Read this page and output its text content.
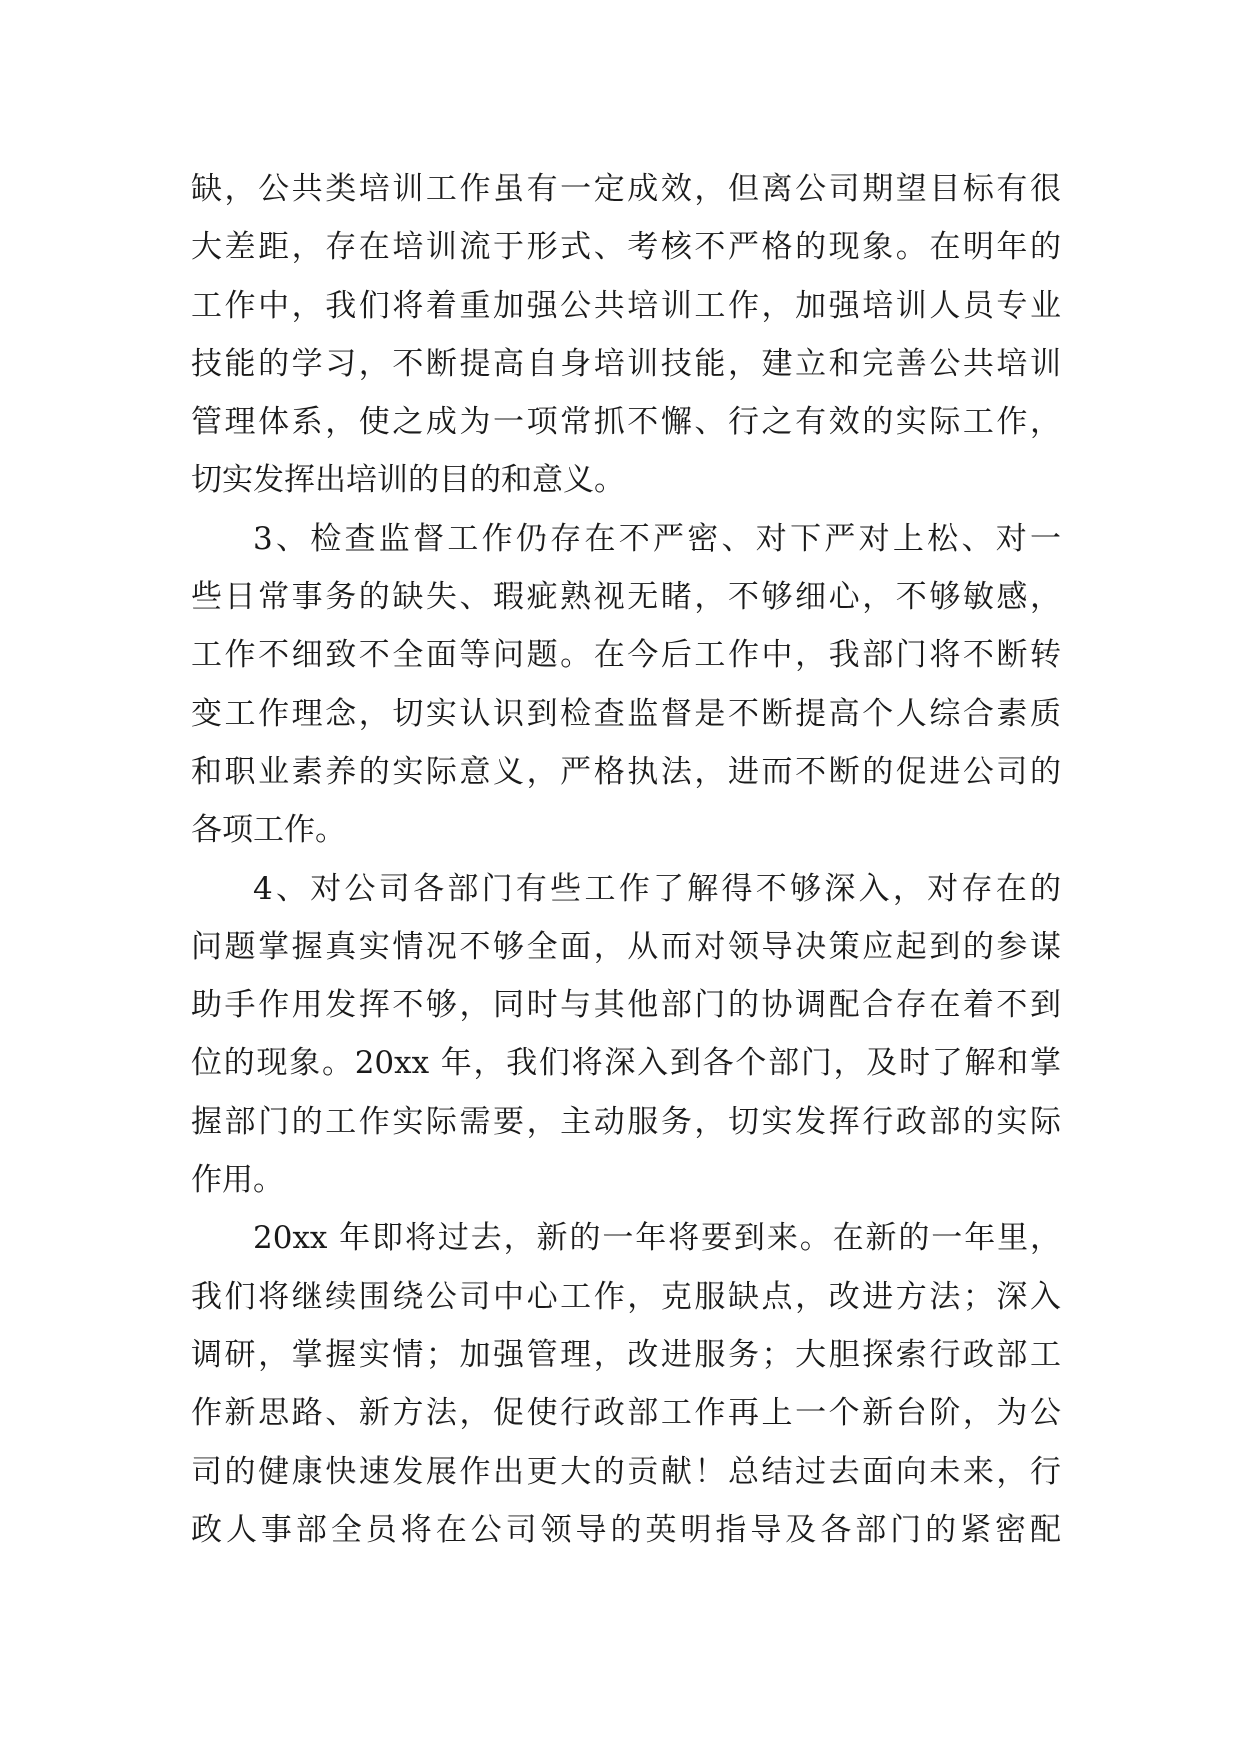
缺，公共类培训工作虽有一定成效，但离公司期望目标有很
大差距，存在培训流于形式、考核不严格的现象。在明年的
工作中，我们将着重加强公共培训工作，加强培训人员专业
技能的学习，不断提高自身培训技能，建立和完善公共培训
管理体系，使之成为一项常抓不懈、行之有效的实际工作，
切实发挥出培训的目的和意义。
3、检查监督工作仍存在不严密、对下严对上松、对一
些日常事务的缺失、瑕疵熟视无睹，不够细心，不够敏感，
工作不细致不全面等问题。在今后工作中，我部门将不断转
变工作理念，切实认识到检查监督是不断提高个人综合素质
和职业素养的实际意义，严格执法，进而不断的促进公司的
各项工作。
4、对公司各部门有些工作了解得不够深入，对存在的
问题掌握真实情况不够全面，从而对领导决策应起到的参谋
助手作用发挥不够，同时与其他部门的协调配合存在着不到
位的现象。20xx 年，我们将深入到各个部门，及时了解和掌
握部门的工作实际需要，主动服务，切实发挥行政部的实际
作用。
20xx 年即将过去，新的一年将要到来。在新的一年里，
我们将继续围绕公司中心工作，克服缺点，改进方法；深入
调研，掌握实情；加强管理，改进服务；大胆探索行政部工
作新思路、新方法，促使行政部工作再上一个新台阶，为公
司的健康快速发展作出更大的贡献！总结过去面向未来，行
政人事部全员将在公司领导的英明指导及各部门的紧密配
